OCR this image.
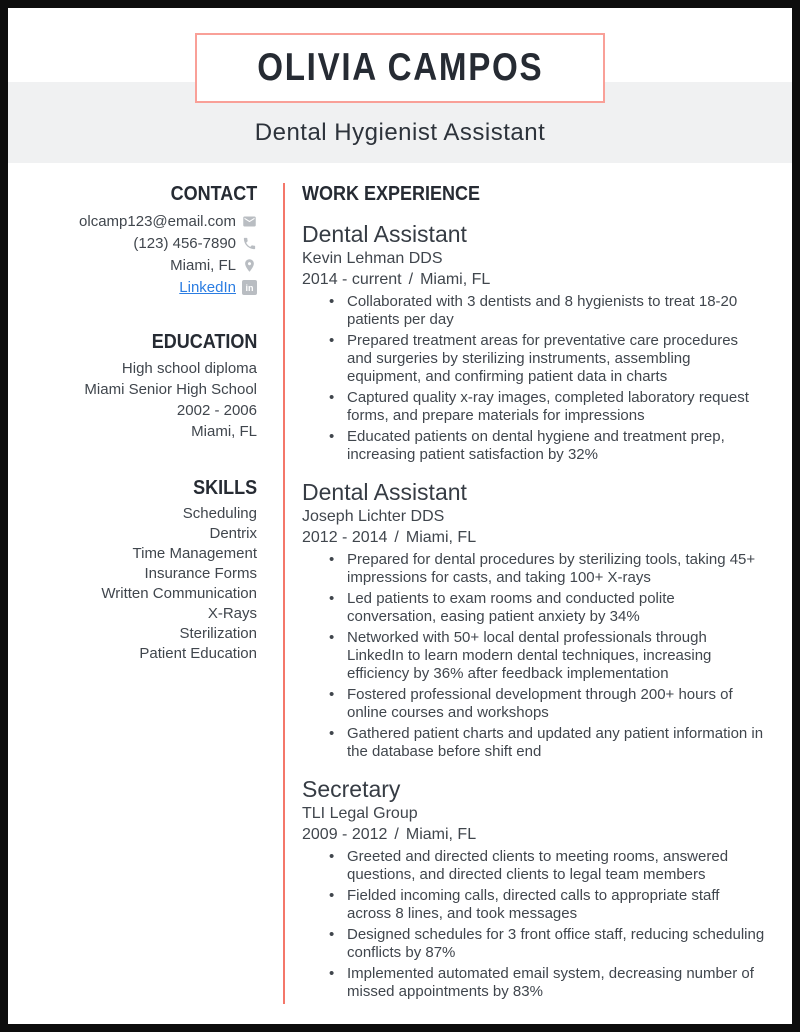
OLIVIA CAMPOS
Dental Hygienist Assistant
CONTACT
olcamp123@email.com
(123) 456-7890
Miami, FL
LinkedIn in
EDUCATION
High school diploma
Miami Senior High School
2002 - 2006
Miami, FL
SKILLS
Scheduling
Dentrix
Time Management
Insurance Forms
Written Communication
X-Rays
Sterilization
Patient Education
WORK EXPERIENCE
Dental Assistant
Kevin Lehman DDS
2014 - current / Miami, FL
• Collaborated with 3 dentists and 8 hygienists to treat 18-20 patients per day
• Prepared treatment areas for preventative care procedures and surgeries by sterilizing instruments, assembling equipment, and confirming patient data in charts
• Captured quality x-ray images, completed laboratory request forms, and prepare materials for impressions
• Educated patients on dental hygiene and treatment prep, increasing patient satisfaction by 32%
Dental Assistant
Joseph Lichter DDS
2012 - 2014 / Miami, FL
• Prepared for dental procedures by sterilizing tools, taking 45+ impressions for casts, and taking 100+ X-rays
• Led patients to exam rooms and conducted polite conversation, easing patient anxiety by 34%
• Networked with 50+ local dental professionals through LinkedIn to learn modern dental techniques, increasing efficiency by 36% after feedback implementation
• Fostered professional development through 200+ hours of online courses and workshops
• Gathered patient charts and updated any patient information in the database before shift end
Secretary
TLI Legal Group
2009 - 2012 / Miami, FL
• Greeted and directed clients to meeting rooms, answered questions, and directed clients to legal team members
• Fielded incoming calls, directed calls to appropriate staff across 8 lines, and took messages
• Designed schedules for 3 front office staff, reducing scheduling conflicts by 87%
• Implemented automated email system, decreasing number of missed appointments by 83%
